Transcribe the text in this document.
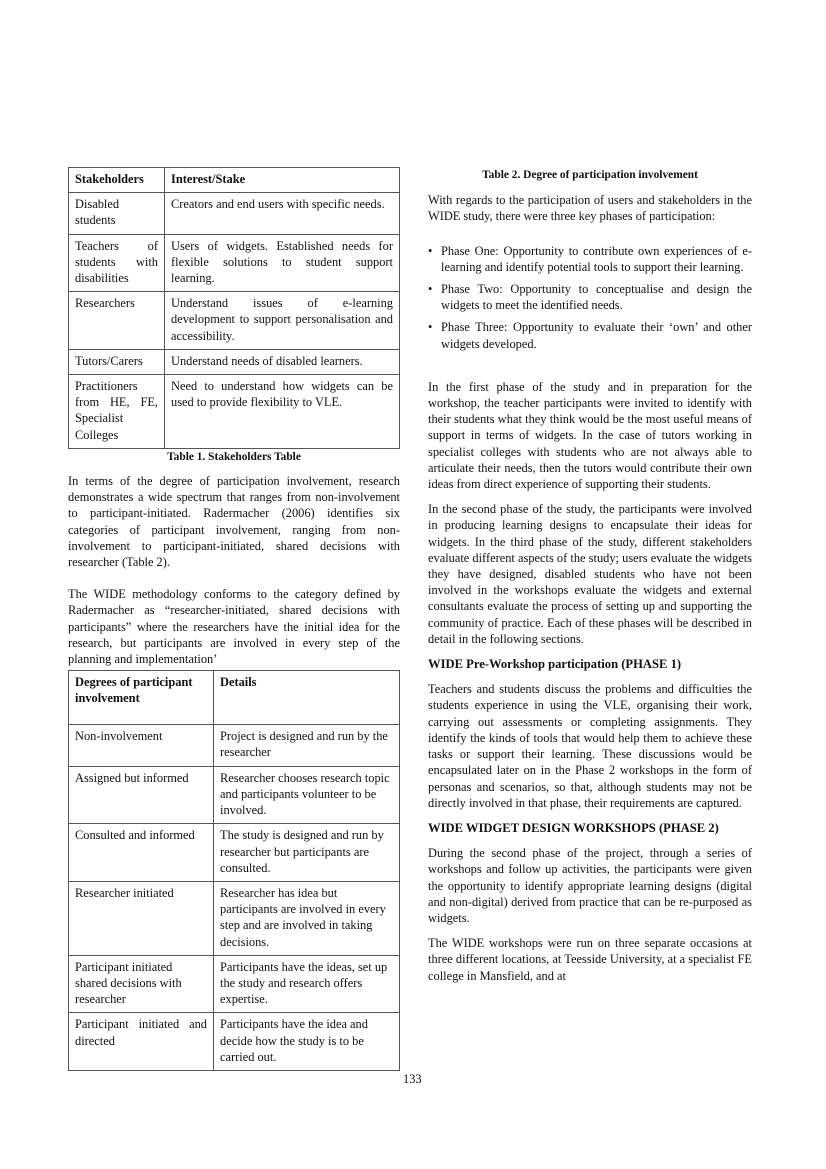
Stakeholders	Interest/Stake
Disabled students	Creators and end users with specific needs.
Teachers of students with disabilities	Users of widgets. Established needs for flexible solutions to student support learning.
Researchers	Understand issues of e-learning development to support personalisation and accessibility.
Tutors/Carers	Understand needs of disabled learners.
Practitioners from HE, FE, Specialist Colleges	Need to understand how widgets can be used to provide flexibility to VLE.

Table 1. Stakeholders Table

In terms of the degree of participation involvement, research demonstrates a wide spectrum that ranges from non-involvement to participant-initiated. Radermacher (2006) identifies six categories of participant involvement, ranging from non-involvement to participant-initiated, shared decisions with researcher (Table 2).

The WIDE methodology conforms to the category defined by Radermacher as “researcher-initiated, shared decisions with participants” where the researchers have the initial idea for the research, but participants are involved in every step of the planning and implementation’

Degrees of participant involvement	Details
Non-involvement	Project is designed and run by the researcher
Assigned but informed	Researcher chooses research topic and participants volunteer to be involved.
Consulted and informed	The study is designed and run by researcher but participants are consulted.
Researcher initiated	Researcher has idea but participants are involved in every step and are involved in taking decisions.
Participant initiated shared decisions with researcher	Participants have the ideas, set up the study and research offers expertise.
Participant initiated and directed	Participants have the idea and decide how the study is to be carried out.

Table 2. Degree of participation involvement

With regards to the participation of users and stakeholders in the WIDE study, there were three key phases of participation:

• Phase One: Opportunity to contribute own experiences of e-learning and identify potential tools to support their learning.
• Phase Two: Opportunity to conceptualise and design the widgets to meet the identified needs.
• Phase Three: Opportunity to evaluate their ‘own’ and other widgets developed.

In the first phase of the study and in preparation for the workshop, the teacher participants were invited to identify with their students what they think would be the most useful means of support in terms of widgets. In the case of tutors working in specialist colleges with students who are not always able to articulate their needs, then the tutors would contribute their own ideas from direct experience of supporting their students.

In the second phase of the study, the participants were involved in producing learning designs to encapsulate their ideas for widgets. In the third phase of the study, different stakeholders evaluate different aspects of the study; users evaluate the widgets they have designed, disabled students who have not been involved in the workshops evaluate the widgets and external consultants evaluate the process of setting up and supporting the community of practice. Each of these phases will be described in detail in the following sections.

WIDE Pre-Workshop participation (PHASE 1)

Teachers and students discuss the problems and difficulties the students experience in using the VLE, organising their work, carrying out assessments or completing assignments. They identify the kinds of tools that would help them to achieve these tasks or support their learning. These discussions would be encapsulated later on in the Phase 2 workshops in the form of personas and scenarios, so that, although students may not be directly involved in that phase, their requirements are captured.

WIDE WIDGET DESIGN WORKSHOPS (PHASE 2)

During the second phase of the project, through a series of workshops and follow up activities, the participants were given the opportunity to identify appropriate learning designs (digital and non-digital) derived from practice that can be re-purposed as widgets.

The WIDE workshops were run on three separate occasions at three different locations, at Teesside University, at a specialist FE college in Mansfield, and at

133
